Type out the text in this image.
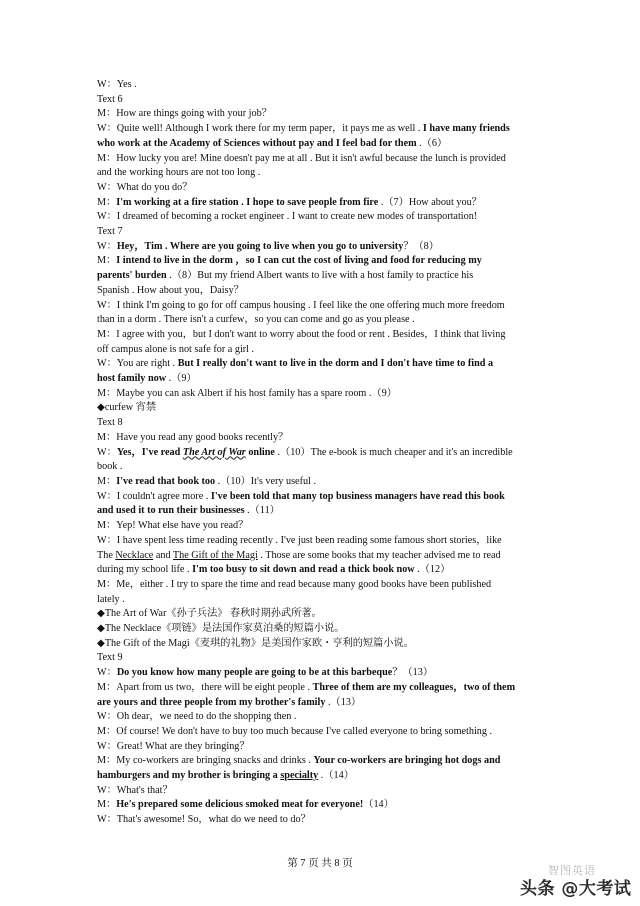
W：Yes .

Text 6

M：How are things going with your job？

W：Quite well! Although I work there for my term paper，it pays me as well . I have many friends

who work at the Academy of Sciences without pay and I feel bad for them .（6）

M：How lucky you are! Mine doesn't pay me at all . But it isn't awful because the lunch is provided

and the working hours are not too long .

W：What do you do？

M：I'm working at a fire station . I hope to save people from fire .（7）How about you？

W：I dreamed of becoming a rocket engineer . I want to create new modes of transportation!

Text 7

W：Hey，Tim . Where are you going to live when you go to university？（8）

M：I intend to live in the dorm ，so I can cut the cost of living and food for reducing my

parents' burden .（8）But my friend Albert wants to live with a host family to practice his

Spanish . How about you，Daisy？

W：I think I'm going to go for off campus housing . I feel like the one offering much more freedom

than in a dorm . There isn't a curfew，so you can come and go as you please .

M：I agree with you，but I don't want to worry about the food or rent . Besides，I think that living

off campus alone is not safe for a girl .

W：You are right . But I really don't want to live in the dorm and I don't have time to find a

host family now .（9）

M：Maybe you can ask Albert if his host family has a spare room .（9）

◆curfew 宵禁

Text 8

M：Have you read any good books recently？

W：Yes，I've read The Art of War online .（10）The e-book is much cheaper and it's an incredible

book .

M：I've read that book too .（10）It's very useful .

W：I couldn't agree more . I've been told that many top business managers have read this book

and used it to run their businesses .（11）

M：Yep! What else have you read？

W：I have spent less time reading recently . I've just been reading some famous short stories，like

The Necklace and The Gift of the Magi . Those are some books that my teacher advised me to read

during my school life . I'm too busy to sit down and read a thick book now .（12）

M：Me，either . I try to spare the time and read because many good books have been published

lately .

◆The Art of War《孙子兵法》 春秋时期孙武所著。

◆The Necklace《项链》是法国作家莫泊桑的短篇小说。

◆The Gift of the Magi《麦琪的礼物》是美国作家欧・亨利的短篇小说。

Text 9

W：Do you know how many people are going to be at this barbeque？（13）

M：Apart from us two，there will be eight people . Three of them are my colleagues，two of them

are yours and three people from my brother's family .（13）

W：Oh dear，we need to do the shopping then .

M：Of course! We don't have to buy too much because I've called everyone to bring something .

W：Great! What are they bringing？

M：My co-workers are bringing snacks and drinks . Your co-workers are bringing hot dogs and

hamburgers and my brother is bringing a specialty .（14）

W：What's that？

M：He's prepared some delicious smoked meat for everyone!（14）

W：That's awesome! So，what do we need to do？

第 7 页 共 8 页
智图英语
头条 @大考试
